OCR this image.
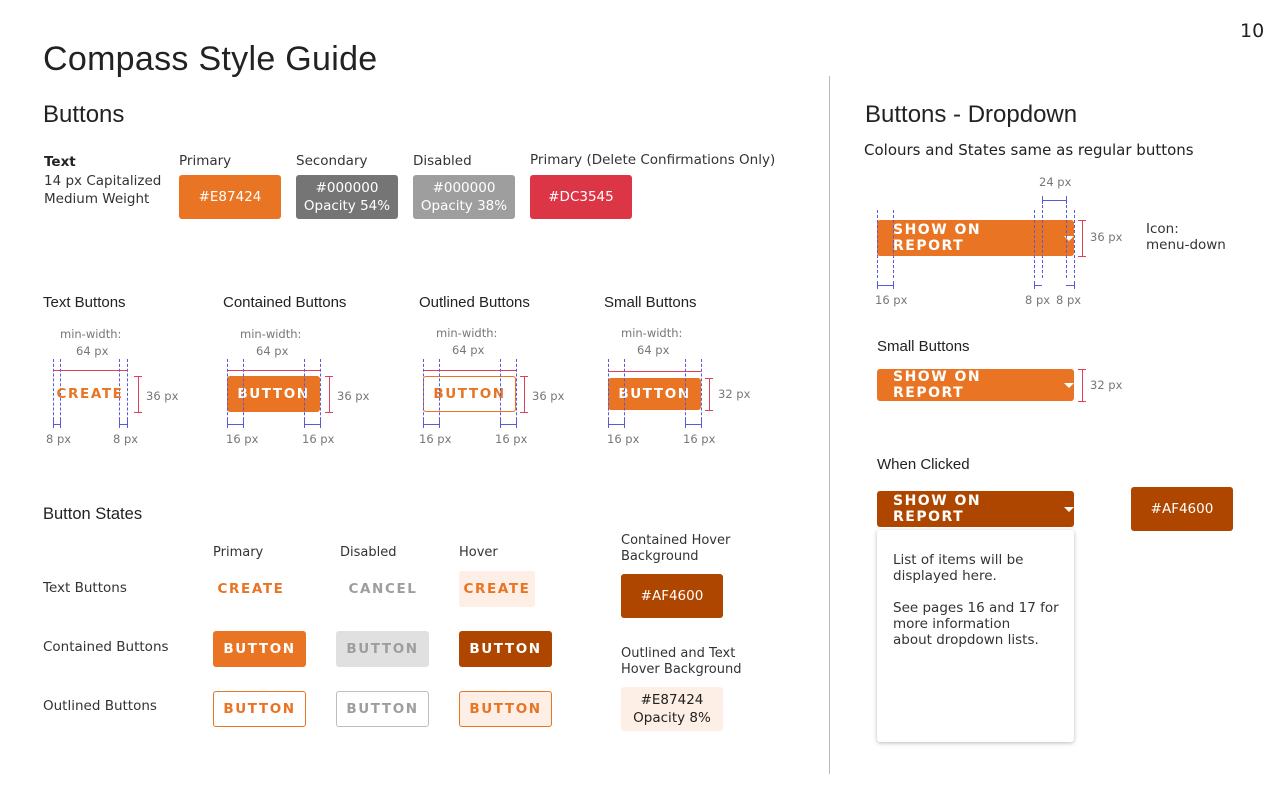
10
Compass Style Guide
Buttons
Text
14 px Capitalized
Medium Weight
Primary
#E87424
Secondary
#000000
Opacity 54%
Disabled
#000000
Opacity 38%
Primary (Delete Confirmations Only)
#DC3545
Text Buttons
min-width:
64 px
CREATE	36 px
8 px	8 px
Contained Buttons
min-width:
64 px
BUTTON	36 px
16 px	16 px
Outlined Buttons
min-width:
64 px
BUTTON	36 px
16 px	16 px
Small Buttons
min-width:
64 px
BUTTON	32 px
16 px	16 px
Button States
Primary	Disabled	Hover
Text Buttons
Contained Buttons
Outlined Buttons
CREATE	CANCEL	CREATE
BUTTON	BUTTON	BUTTON
BUTTON	BUTTON	BUTTON
Contained Hover
Background
#AF4600
Outlined and Text
Hover Background
#E87424
Opacity 8%
Buttons - Dropdown
Colours and States same as regular buttons
24 px
SHOW ON REPORT
36 px Icon:
menu-down
16 px	8 px 8 px
Small Buttons
SHOW ON REPORT	32 px
When Clicked
SHOW ON REPORT	#AF4600
List of items will be
displayed here.
See pages 16 and 17 for
more information
about dropdown lists.
